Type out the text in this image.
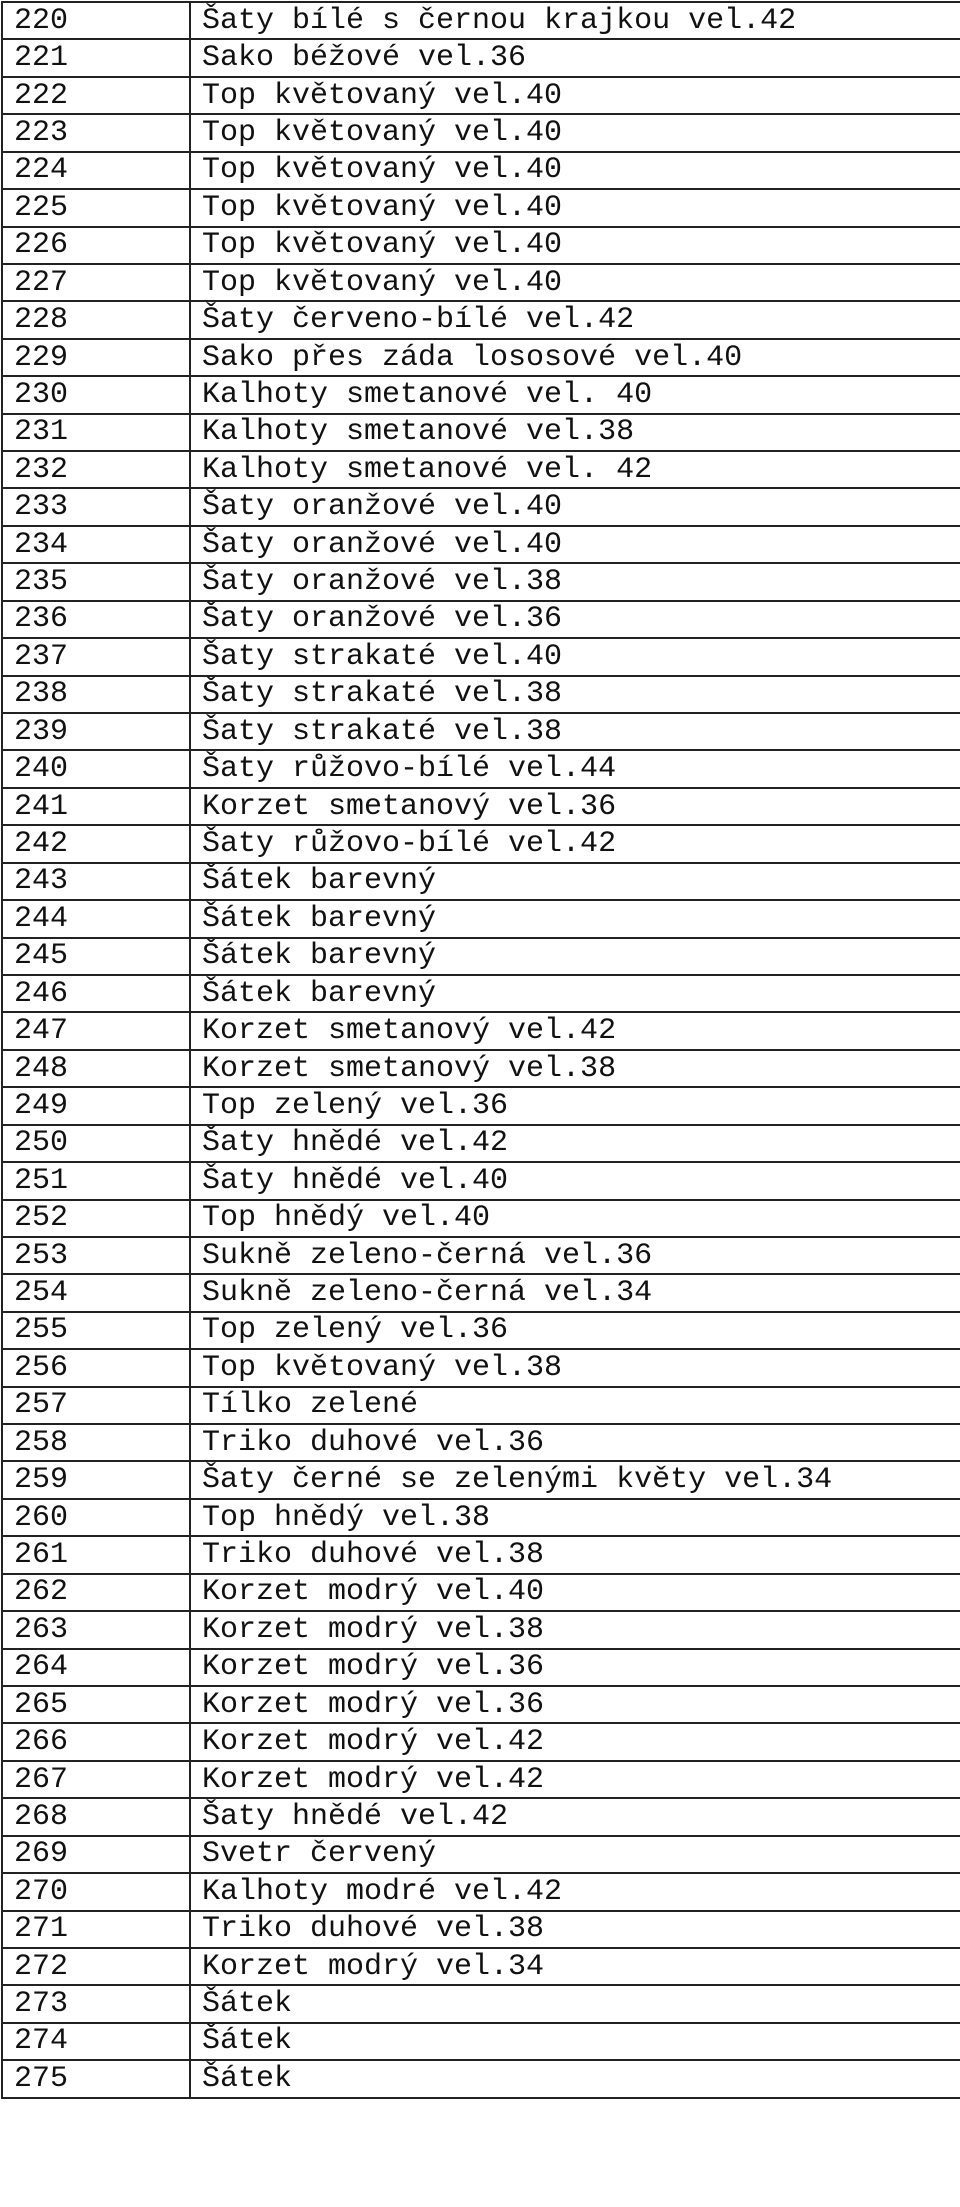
220	Šaty bílé s černou krajkou vel.42
221	Sako béžové vel.36
222	Top květovaný vel.40
223	Top květovaný vel.40
224	Top květovaný vel.40
225	Top květovaný vel.40
226	Top květovaný vel.40
227	Top květovaný vel.40
228	Šaty červeno-bílé vel.42
229	Sako přes záda lososové vel.40
230	Kalhoty smetanové vel. 40
231	Kalhoty smetanové vel.38
232	Kalhoty smetanové vel. 42
233	Šaty oranžové vel.40
234	Šaty oranžové vel.40
235	Šaty oranžové vel.38
236	Šaty oranžové vel.36
237	Šaty strakaté vel.40
238	Šaty strakaté vel.38
239	Šaty strakaté vel.38
240	Šaty růžovo-bílé vel.44
241	Korzet smetanový vel.36
242	Šaty růžovo-bílé vel.42
243	Šátek barevný
244	Šátek barevný
245	Šátek barevný
246	Šátek barevný
247	Korzet smetanový vel.42
248	Korzet smetanový vel.38
249	Top zelený vel.36
250	Šaty hnědé vel.42
251	Šaty hnědé vel.40
252	Top hnědý vel.40
253	Sukně zeleno-černá vel.36
254	Sukně zeleno-černá vel.34
255	Top zelený vel.36
256	Top květovaný vel.38
257	Tílko zelené
258	Triko duhové vel.36
259	Šaty černé se zelenými květy vel.34
260	Top hnědý vel.38
261	Triko duhové vel.38
262	Korzet modrý vel.40
263	Korzet modrý vel.38
264	Korzet modrý vel.36
265	Korzet modrý vel.36
266	Korzet modrý vel.42
267	Korzet modrý vel.42
268	Šaty hnědé vel.42
269	Svetr červený
270	Kalhoty modré vel.42
271	Triko duhové vel.38
272	Korzet modrý vel.34
273	Šátek
274	Šátek
275	Šátek
